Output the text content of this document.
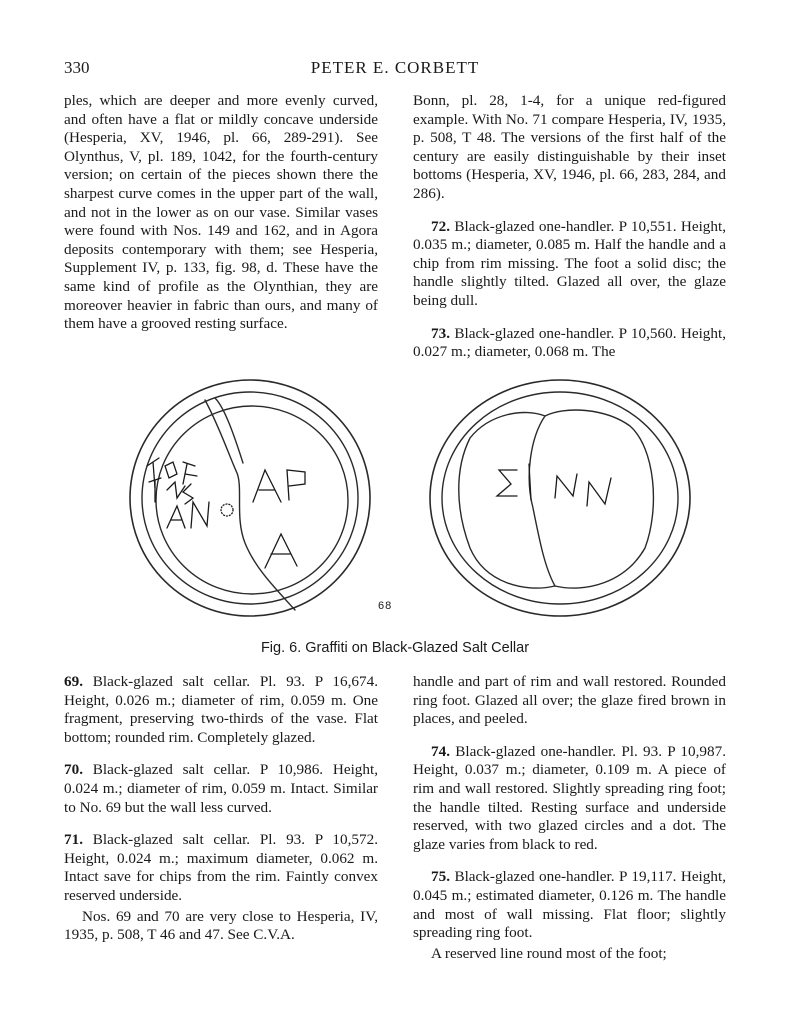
330	PETER E. CORBETT

ples, which are deeper and more evenly curved, and often have a flat or mildly concave underside (Hesperia, XV, 1946, pl. 66, 289-291). See Olynthus, V, pl. 189, 1042, for the fourth-century version; on certain of the pieces shown there the sharpest curve comes in the upper part of the wall, and not in the lower as on our vase. Similar vases were found with Nos. 149 and 162, and in Agora deposits contemporary with them; see Hesperia, Supplement IV, p. 133, fig. 98, d. These have the same kind of profile as the Olynthian, they are moreover heavier in fabric than ours, and many of them have a grooved resting surface.

Bonn, pl. 28, 1-4, for a unique red-figured example. With No. 71 compare Hesperia, IV, 1935, p. 508, T 48. The versions of the first half of the century are easily distinguishable by their inset bottoms (Hesperia, XV, 1946, pl. 66, 283, 284, and 286).

72. Black-glazed one-handler. P 10,551. Height, 0.035 m.; diameter, 0.085 m. Half the handle and a chip from rim missing. The foot a solid disc; the handle slightly tilted. Glazed all over, the glaze being dull.

73. Black-glazed one-handler. P 10,560. Height, 0.027 m.; diameter, 0.068 m. The

68
Fig. 6. Graffiti on Black-Glazed Salt Cellar

69. Black-glazed salt cellar. Pl. 93. P 16,674. Height, 0.026 m.; diameter of rim, 0.059 m. One fragment, preserving two-thirds of the vase. Flat bottom; rounded rim. Completely glazed.

70. Black-glazed salt cellar. P 10,986. Height, 0.024 m.; diameter of rim, 0.059 m. Intact. Similar to No. 69 but the wall less curved.

71. Black-glazed salt cellar. Pl. 93. P 10,572. Height, 0.024 m.; maximum diameter, 0.062 m. Intact save for chips from the rim. Faintly convex reserved underside.

Nos. 69 and 70 are very close to Hesperia, IV, 1935, p. 508, T 46 and 47. See C.V.A.

handle and part of rim and wall restored. Rounded ring foot. Glazed all over; the glaze fired brown in places, and peeled.

74. Black-glazed one-handler. Pl. 93. P 10,987. Height, 0.037 m.; diameter, 0.109 m. A piece of rim and wall restored. Slightly spreading ring foot; the handle tilted. Resting surface and underside reserved, with two glazed circles and a dot. The glaze varies from black to red.

75. Black-glazed one-handler. P 19,117. Height, 0.045 m.; estimated diameter, 0.126 m. The handle and most of wall missing. Flat floor; slightly spreading ring foot.

A reserved line round most of the foot;
